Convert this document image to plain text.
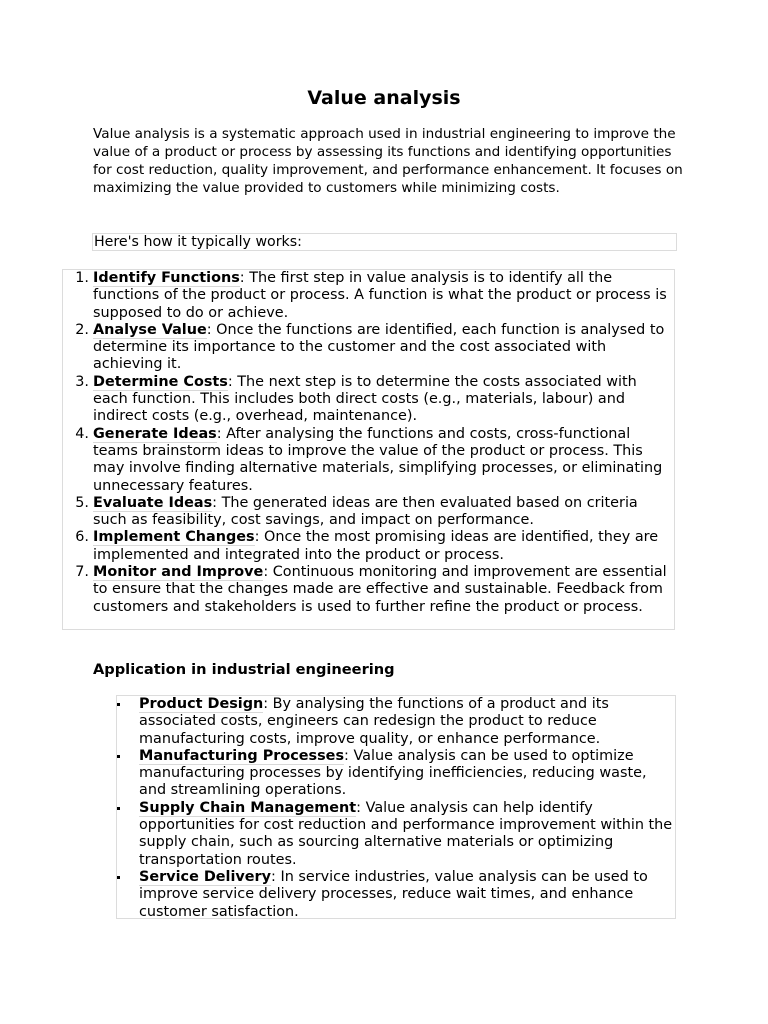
Value analysis

Value analysis is a systematic approach used in industrial engineering to improve the value of a product or process by assessing its functions and identifying opportunities for cost reduction, quality improvement, and performance enhancement. It focuses on maximizing the value provided to customers while minimizing costs.

Here's how it typically works:
1. Identify Functions: The first step in value analysis is to identify all the functions of the product or process. A function is what the product or process is supposed to do or achieve.
2. Analyse Value: Once the functions are identified, each function is analysed to determine its importance to the customer and the cost associated with achieving it.
3. Determine Costs: The next step is to determine the costs associated with each function. This includes both direct costs (e.g., materials, labour) and indirect costs (e.g., overhead, maintenance).
4. Generate Ideas: After analysing the functions and costs, cross-functional teams brainstorm ideas to improve the value of the product or process. This may involve finding alternative materials, simplifying processes, or eliminating unnecessary features.
5. Evaluate Ideas: The generated ideas are then evaluated based on criteria such as feasibility, cost savings, and impact on performance.
6. Implement Changes: Once the most promising ideas are identified, they are implemented and integrated into the product or process.
7. Monitor and Improve: Continuous monitoring and improvement are essential to ensure that the changes made are effective and sustainable. Feedback from customers and stakeholders is used to further refine the product or process.
Application in industrial engineering
Product Design: By analysing the functions of a product and its associated costs, engineers can redesign the product to reduce manufacturing costs, improve quality, or enhance performance.
Manufacturing Processes: Value analysis can be used to optimize manufacturing processes by identifying inefficiencies, reducing waste, and streamlining operations.
Supply Chain Management: Value analysis can help identify opportunities for cost reduction and performance improvement within the supply chain, such as sourcing alternative materials or optimizing transportation routes.
Service Delivery: In service industries, value analysis can be used to improve service delivery processes, reduce wait times, and enhance customer satisfaction.
